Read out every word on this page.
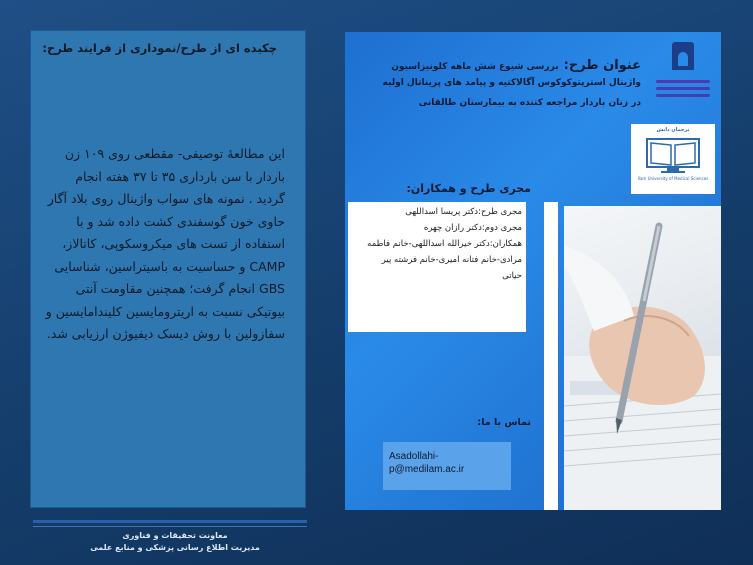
چکیده ای از طرح/نموداری از فرایند طرح:
این مطالعهٔ توصیفی- مقطعی روی ۱۰۹ زن باردار با سن بارداری ۳۵ تا ۳۷ هفته انجام گردید . نمونه های سواب واژینال روی بلاد آگار حاوی خون گوسفندی کشت داده شد و با استفاده از تست های میکروسکوپی، کاتالاز، CAMP و حساسیت به باسیتراسین، شناسایی GBS انجام گرفت؛ همچنین مقاومت آنتی بیوتیکی نسبت به اریترومایسین کلیندامایسین و سفازولین با روش دیسک دیفیوژن ارزیابی شد.
معاونت تحقیقات و فناوری
مدیریت اطلاع رسانی پزشکی و منابع علمی
عنوان طرح: بررسی شیوع شش ماهه کلونیزاسیون
واژینال استرپتوکوکوس آگالاکتیه و پیامد های پریناتال اولیه
در زنان باردار مراجعه کننده به بیمارستان طالقانی
ترجمان دانش
Ilam University of Medical Sciences
مجری طرح و همکاران:
مجری طرح:دکتر پریسا اسداللهی
مجری دوم:دکتر رازان چهره
همکاران:دکتر خیرالله اسداللهی-خانم فاطمه
مرادی-خانم فتانه امیری-خانم فرشته پیر
حیاتی
تماس با ما:
Asadollahi-
p@medilam.ac.ir
